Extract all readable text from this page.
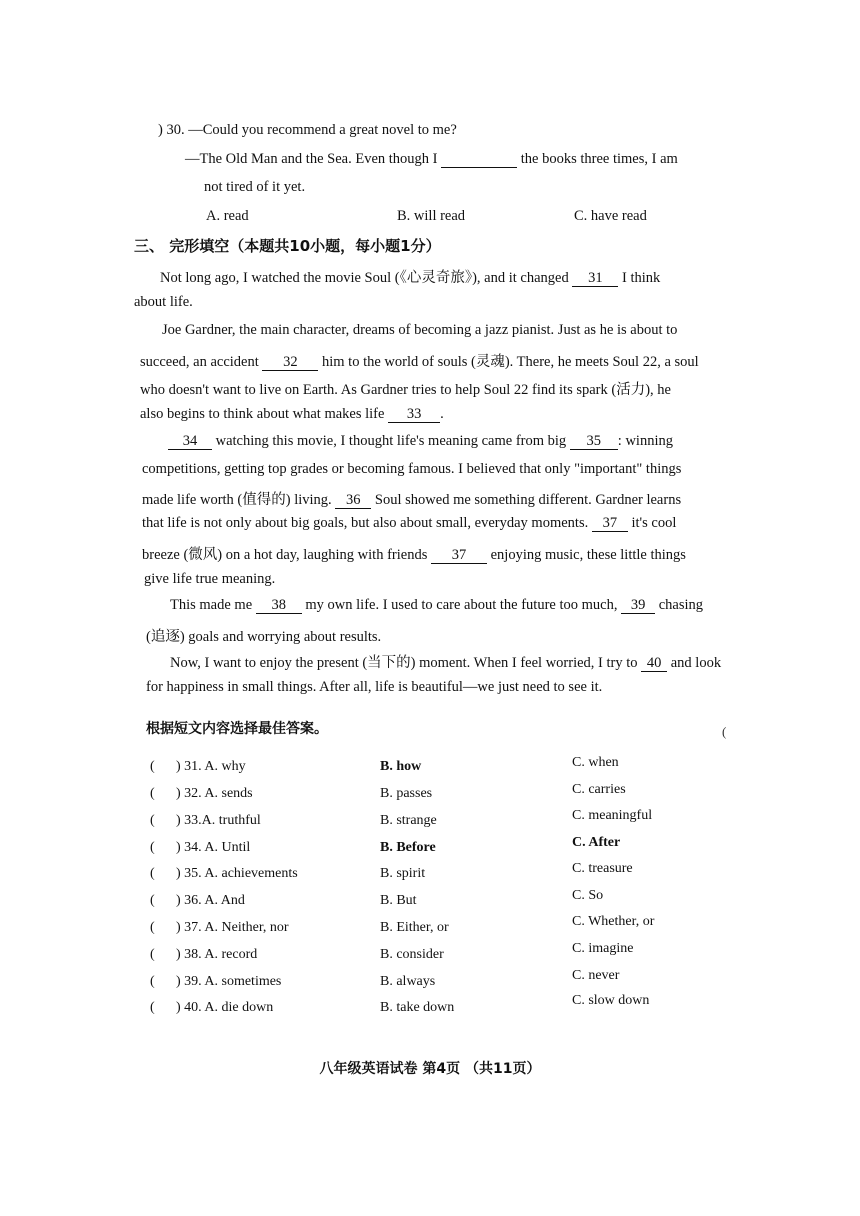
) 30. —Could you recommend a great novel to me?
—The Old Man and the Sea. Even though I	the books three times, I am
not tired of it yet.
A. read	B. will read	C. have read
三、 完形填空（本题共10小题，每小题1分）
Not long ago, I watched the movie Soul (《心灵奇旅》), and it changed 31 I think
about life.
Joe Gardner, the main character, dreams of becoming a jazz pianist. Just as he is about to
succeed, an accident 32 him to the world of souls (灵魂). There, he meets Soul 22, a soul
who doesn't want to live on Earth. As Gardner tries to help Soul 22 find its spark (活力), he
also begins to think about what makes life 33 .
34 watching this movie, I thought life's meaning came from big 35 : winning
competitions, getting top grades or becoming famous. I believed that only "important" things
made life worth (值得的) living. 36 Soul showed me something different. Gardner learns
that life is not only about big goals, but also about small, everyday moments. 37 it's cool
breeze (微风) on a hot day, laughing with friends 37 enjoying music, these little things
give life true meaning.
This made me 38 my own life. I used to care about the future too much, 39 chasing
(追逐) goals and worrying about results.
Now, I want to enjoy the present (当下的) moment. When I feel worried, I try to 40 and look
for happiness in small things. After all, life is beautiful—we just need to see it.
根据短文内容选择最佳答案。	(
( ) 31. A. why	B. how	C. when
( ) 32. A. sends	B. passes	C. carries
( ) 33.A. truthful	B. strange	C. meaningful
( ) 34. A. Until	B. Before	C. After
( ) 35. A. achievements	B. spirit	C. treasure
( ) 36. A. And	B. But	C. So
( ) 37. A. Neither, nor	B. Either, or	C. Whether, or
( ) 38. A. record	B. consider	C. imagine
( ) 39. A. sometimes	B. always	C. never
( ) 40. A. die down	B. take down	C. slow down
八年级英语试卷 第4页 （共11页）
